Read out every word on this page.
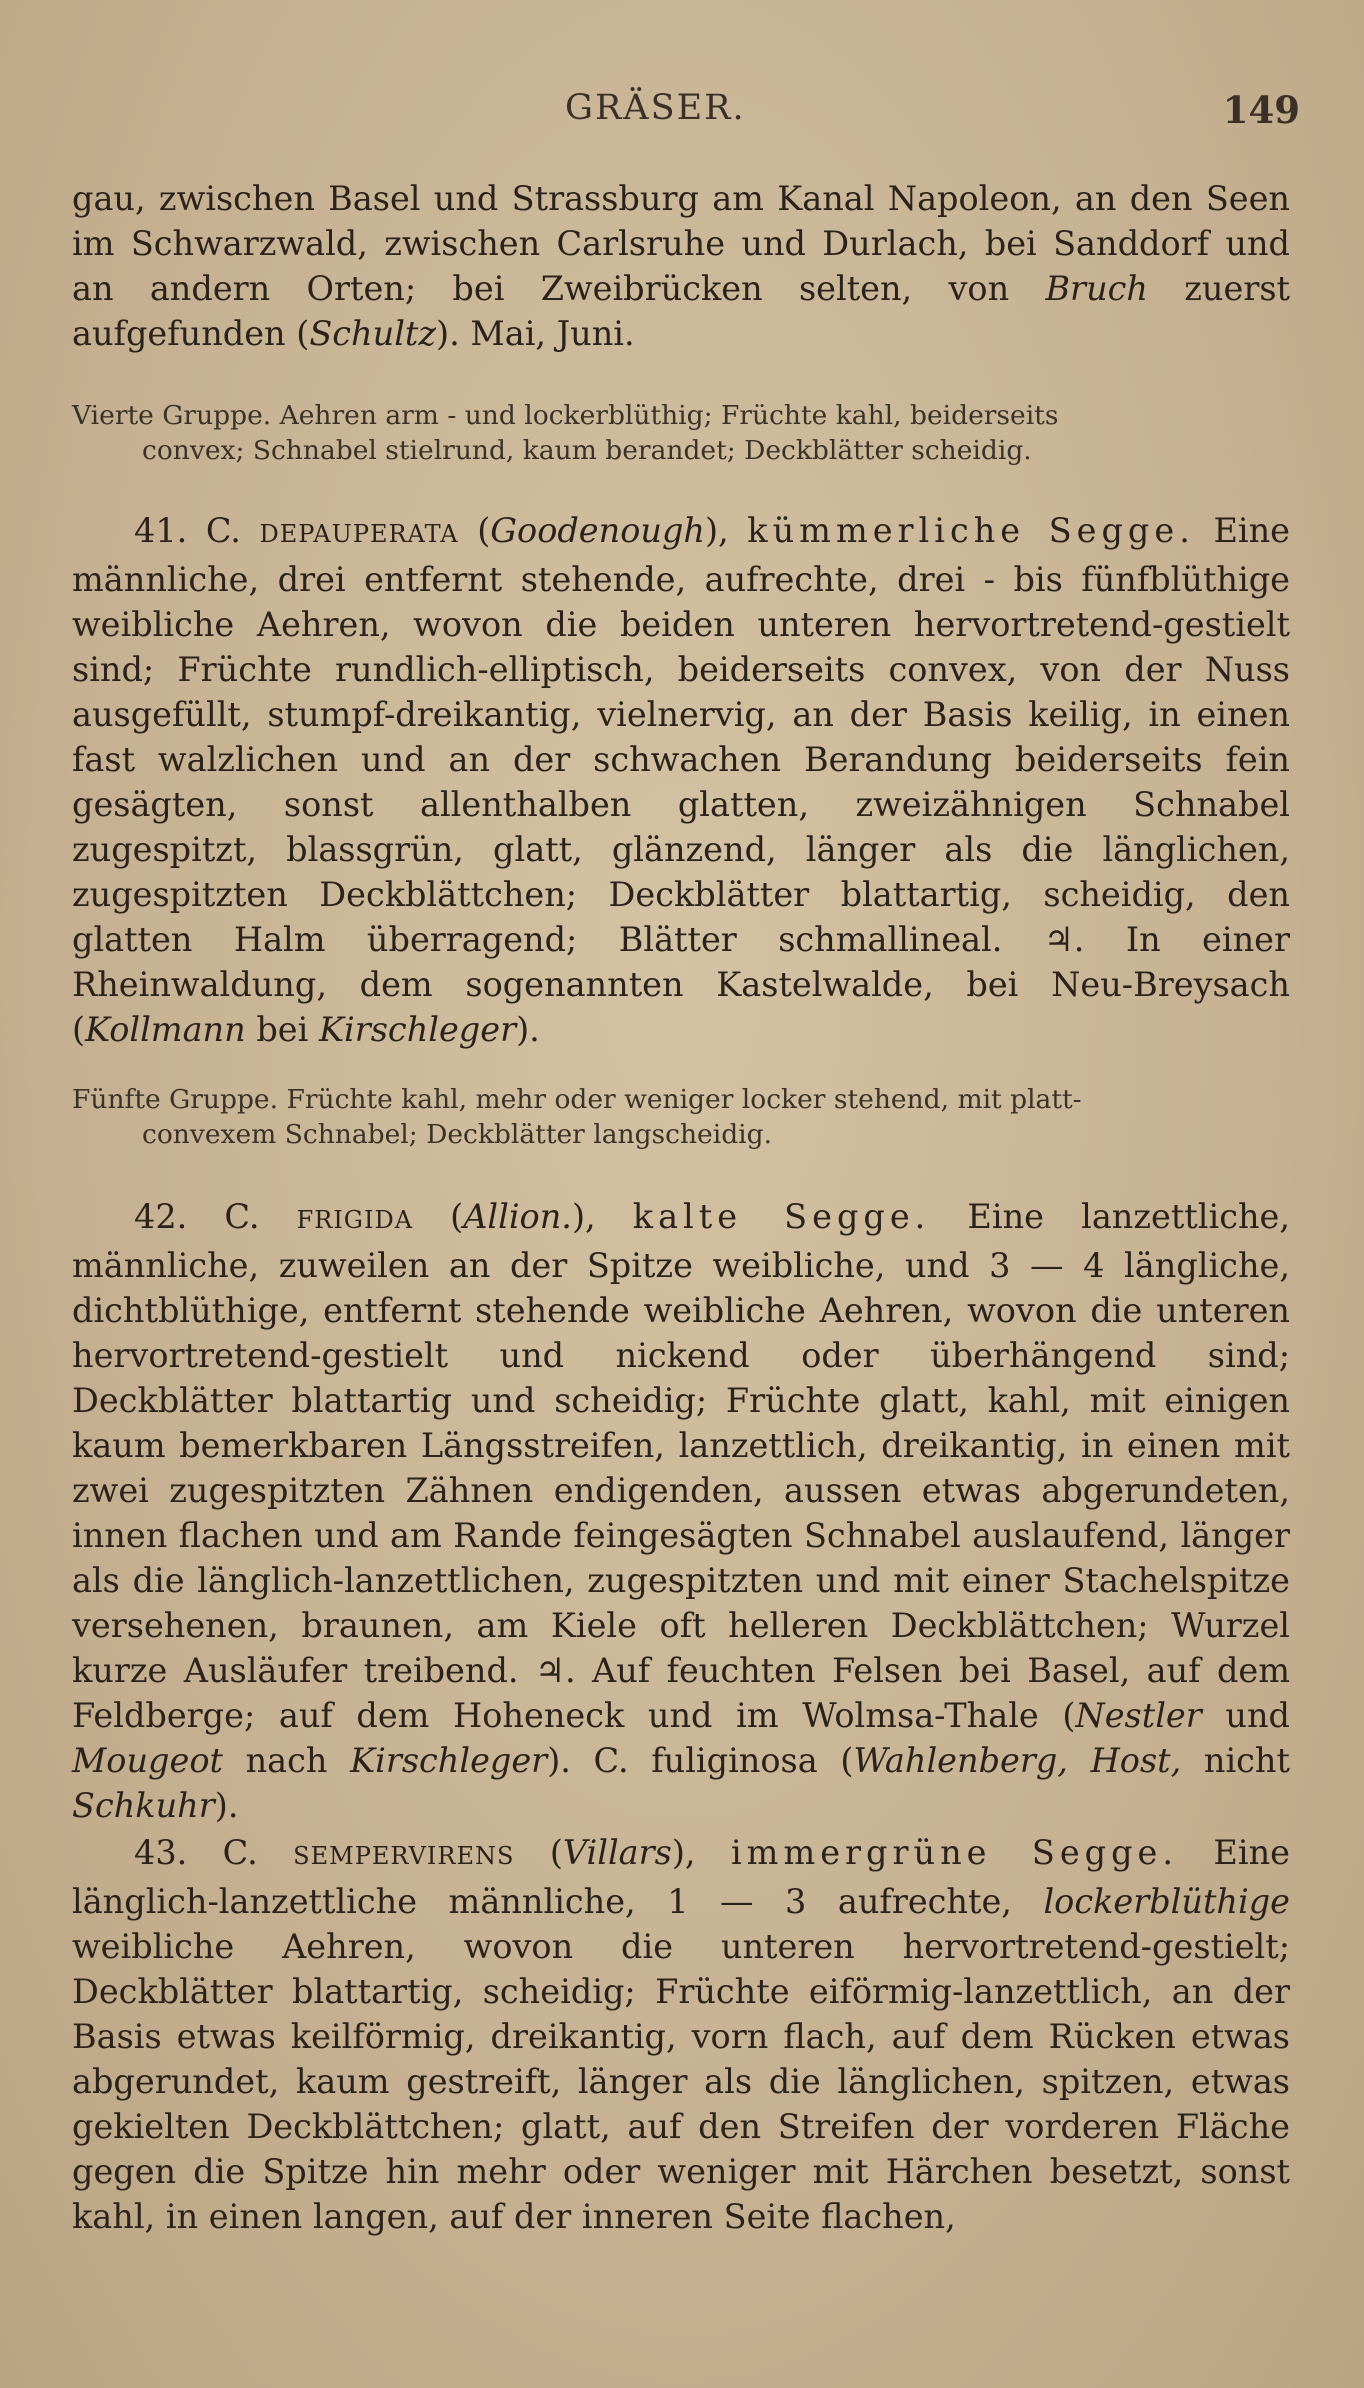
GRÄSER.	149

gau, zwischen Basel und Strassburg am Kanal Napoleon, an den Seen im Schwarzwald, zwischen Carlsruhe und Durlach, bei Sanddorf und an andern Orten; bei Zweibrücken selten, von Bruch zuerst aufgefunden (Schultz). Mai, Juni.

Vierte Gruppe. Aehren arm - und lockerblüthig; Früchte kahl, beiderseits
convex; Schnabel stielrund, kaum berandet; Deckblätter scheidig.

41. C. DEPAUPERATA (Goodenough), kümmerliche Segge. Eine männliche, drei entfernt stehende, aufrechte, drei - bis fünfblüthige weibliche Aehren, wovon die beiden unteren hervortretend-gestielt sind; Früchte rundlich-elliptisch, beiderseits convex, von der Nuss ausgefüllt, stumpf-dreikantig, vielnervig, an der Basis keilig, in einen fast walzlichen und an der schwachen Berandung beiderseits fein gesägten, sonst allenthalben glatten, zweizähnigen Schnabel zugespitzt, blassgrün, glatt, glänzend, länger als die länglichen, zugespitzten Deckblättchen; Deckblätter blattartig, scheidig, den glatten Halm überragend; Blätter schmallineal. ♃. In einer Rheinwaldung, dem sogenannten Kastelwalde, bei Neu-Breysach (Kollmann bei Kirschleger).

Fünfte Gruppe. Früchte kahl, mehr oder weniger locker stehend, mit platt-
convexem Schnabel; Deckblätter langscheidig.

42. C. FRIGIDA (Allion.), kalte Segge. Eine lanzettliche, männliche, zuweilen an der Spitze weibliche, und 3 — 4 längliche, dichtblüthige, entfernt stehende weibliche Aehren, wovon die unteren hervortretend-gestielt und nickend oder überhängend sind; Deckblätter blattartig und scheidig; Früchte glatt, kahl, mit einigen kaum bemerkbaren Längsstreifen, lanzettlich, dreikantig, in einen mit zwei zugespitzten Zähnen endigenden, aussen etwas abgerundeten, innen flachen und am Rande feingesägten Schnabel auslaufend, länger als die länglich-lanzettlichen, zugespitzten und mit einer Stachelspitze versehenen, braunen, am Kiele oft helleren Deckblättchen; Wurzel kurze Ausläufer treibend. ♃. Auf feuchten Felsen bei Basel, auf dem Feldberge; auf dem Hoheneck und im Wolmsa-Thale (Nestler und Mougeot nach Kirschleger). C. fuliginosa (Wahlenberg, Host, nicht Schkuhr).

43. C. SEMPERVIRENS (Villars), immergrüne Segge. Eine länglich-lanzettliche männliche, 1 — 3 aufrechte, lockerblüthige weibliche Aehren, wovon die unteren hervortretend-gestielt; Deckblätter blattartig, scheidig; Früchte eiförmig-lanzettlich, an der Basis etwas keilförmig, dreikantig, vorn flach, auf dem Rücken etwas abgerundet, kaum gestreift, länger als die länglichen, spitzen, etwas gekielten Deckblättchen; glatt, auf den Streifen der vorderen Fläche gegen die Spitze hin mehr oder weniger mit Härchen besetzt, sonst kahl, in einen langen, auf der inneren Seite flachen,
